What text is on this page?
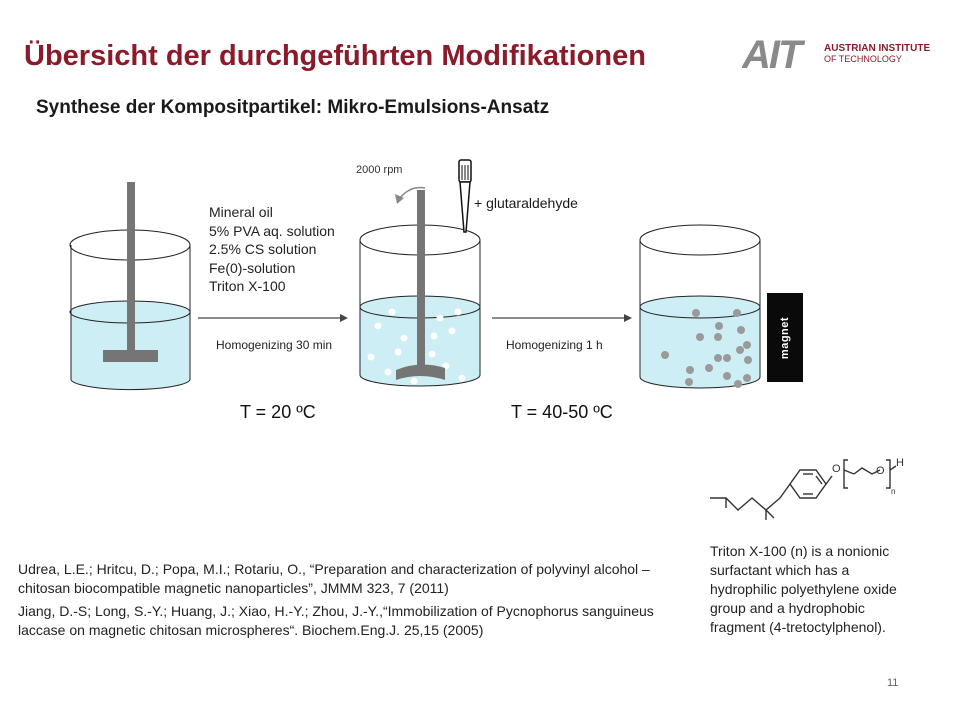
Übersicht der durchgeführten Modifikationen
Synthese der Kompositpartikel: Mikro-Emulsions-Ansatz
AIT	AUSTRIAN INSTITUTE
OF TECHNOLOGY
2000 rpm
+ glutaraldehyde
Mineral oil
5% PVA aq. solution
2.5% CS solution
Fe(0)-solution
Triton X-100
Homogenizing 30 min	Homogenizing 1 h
T = 20 ºC	T = 40-50 ºC
magnet
O	O
H
n
Triton X-100 (n) is a nonionic surfactant which has a hydrophilic polyethylene oxide group and a hydrophobic fragment (4-tretoctylphenol).

Udrea, L.E.; Hritcu, D.; Popa, M.I.; Rotariu, O., “Preparation and characterization of polyvinyl alcohol – chitosan biocompatible magnetic nanoparticles”, JMMM 323, 7 (2011)

Jiang, D.-S; Long, S.-Y.; Huang, J.; Xiao, H.-Y.; Zhou, J.-Y.,“Immobilization of Pycnophorus sanguineus laccase on magnetic chitosan microspheres“. Biochem.Eng.J. 25,15 (2005)

11
